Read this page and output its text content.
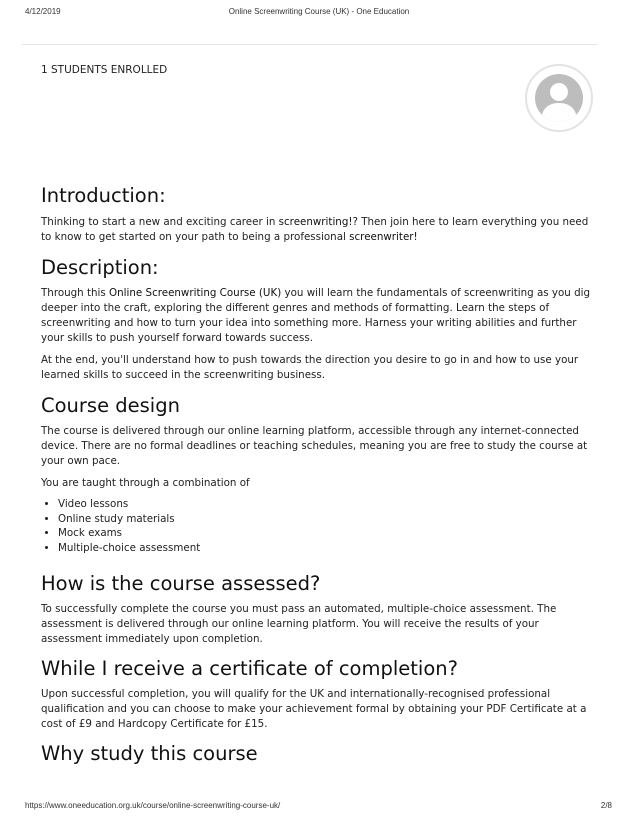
4/12/2019	Online Screenwriting Course (UK) - One Education
1 STUDENTS ENROLLED
Introduction:

Thinking to start a new and exciting career in screenwriting!? Then join here to learn everything you need to know to get started on your path to being a professional screenwriter!

Description:

Through this Online Screenwriting Course (UK) you will learn the fundamentals of screenwriting as you dig deeper into the craft, exploring the different genres and methods of formatting. Learn the steps of screenwriting and how to turn your idea into something more. Harness your writing abilities and further your skills to push yourself forward towards success.

At the end, you'll understand how to push towards the direction you desire to go in and how to use your learned skills to succeed in the screenwriting business.

Course design

The course is delivered through our online learning platform, accessible through any internet-connected device. There are no formal deadlines or teaching schedules, meaning you are free to study the course at your own pace.

You are taught through a combination of

• Video lessons
• Online study materials
• Mock exams
• Multiple-choice assessment
How is the course assessed?

To successfully complete the course you must pass an automated, multiple-choice assessment. The assessment is delivered through our online learning platform. You will receive the results of your assessment immediately upon completion.

While I receive a certificate of completion?

Upon successful completion, you will qualify for the UK and internationally-recognised professional qualification and you can choose to make your achievement formal by obtaining your PDF Certificate at a cost of £9 and Hardcopy Certificate for £15.

Why study this course
https://www.oneeducation.org.uk/course/online-screenwriting-course-uk/	2/8
